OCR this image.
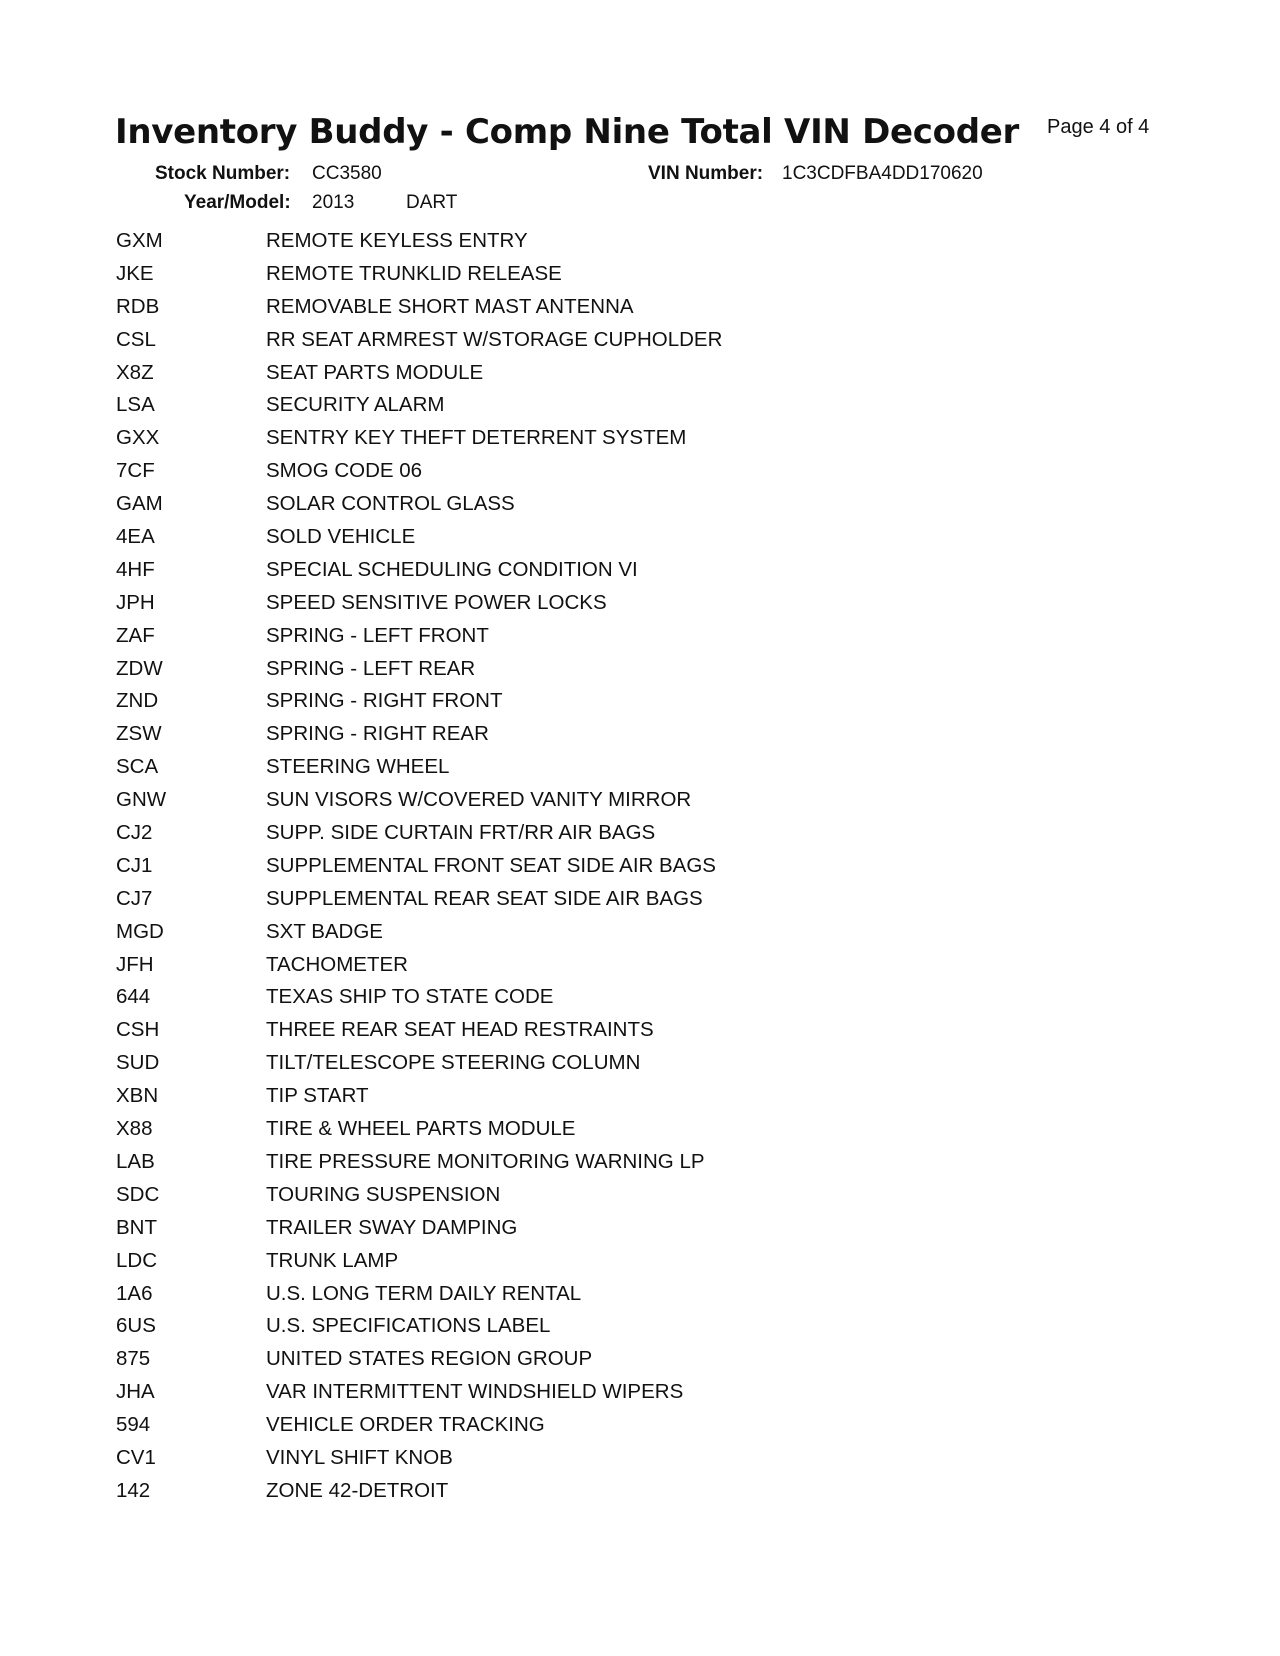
Inventory Buddy - Comp Nine Total VIN Decoder Page 4 of 4
Stock Number: CC3580	VIN Number: 1C3CDFBA4DD170620
Year/Model: 2013	DART
GXM	REMOTE KEYLESS ENTRY
JKE	REMOTE TRUNKLID RELEASE
RDB	REMOVABLE SHORT MAST ANTENNA
CSL	RR SEAT ARMREST W/STORAGE CUPHOLDER
X8Z	SEAT PARTS MODULE
LSA	SECURITY ALARM
GXX	SENTRY KEY THEFT DETERRENT SYSTEM
7CF	SMOG CODE 06
GAM	SOLAR CONTROL GLASS
4EA	SOLD VEHICLE
4HF	SPECIAL SCHEDULING CONDITION VI
JPH	SPEED SENSITIVE POWER LOCKS
ZAF	SPRING - LEFT FRONT
ZDW	SPRING - LEFT REAR
ZND	SPRING - RIGHT FRONT
ZSW	SPRING - RIGHT REAR
SCA	STEERING WHEEL
GNW	SUN VISORS W/COVERED VANITY MIRROR
CJ2	SUPP. SIDE CURTAIN FRT/RR AIR BAGS
CJ1	SUPPLEMENTAL FRONT SEAT SIDE AIR BAGS
CJ7	SUPPLEMENTAL REAR SEAT SIDE AIR BAGS
MGD	SXT BADGE
JFH	TACHOMETER
644	TEXAS SHIP TO STATE CODE
CSH	THREE REAR SEAT HEAD RESTRAINTS
SUD	TILT/TELESCOPE STEERING COLUMN
XBN	TIP START
X88	TIRE & WHEEL PARTS MODULE
LAB	TIRE PRESSURE MONITORING WARNING LP
SDC	TOURING SUSPENSION
BNT	TRAILER SWAY DAMPING
LDC	TRUNK LAMP
1A6	U.S. LONG TERM DAILY RENTAL
6US	U.S. SPECIFICATIONS LABEL
875	UNITED STATES REGION GROUP
JHA	VAR INTERMITTENT WINDSHIELD WIPERS
594	VEHICLE ORDER TRACKING
CV1	VINYL SHIFT KNOB
142	ZONE 42-DETROIT
